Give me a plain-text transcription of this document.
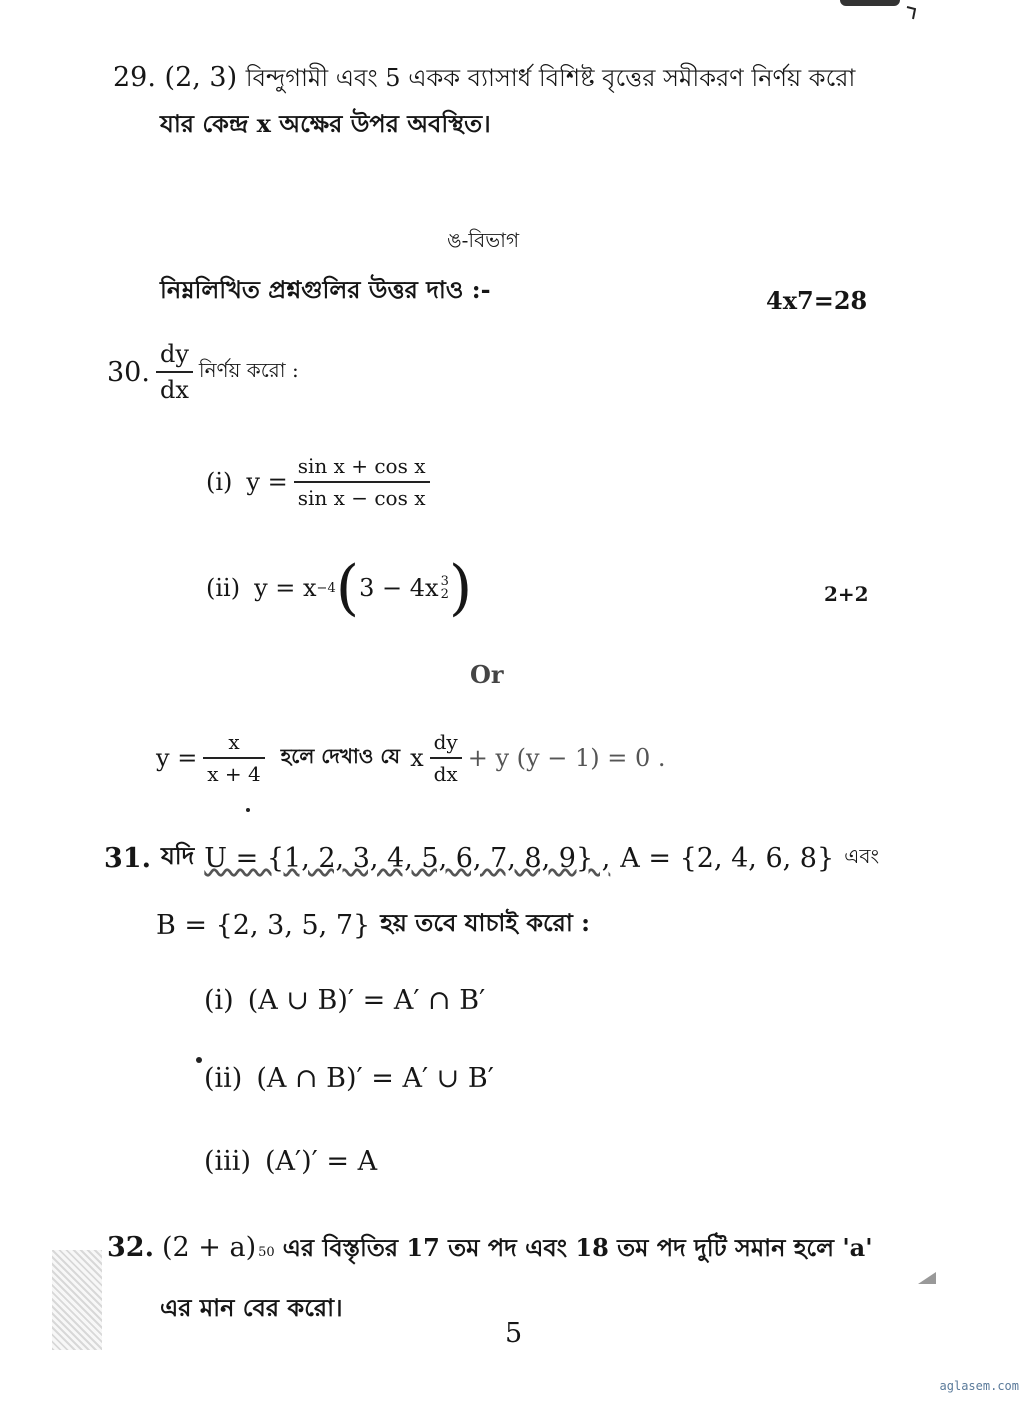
29. (2, 3) বিন্দুগামী এবং 5 একক ব্যাসার্ধ বিশিষ্ট বৃত্তের সমীকরণ নির্ণয় করো
যার কেন্দ্র x অক্ষের উপর অবস্থিত।
ঙ-বিভাগ
নিম্নলিখিত প্রশ্নগুলির উত্তর দাও :-	4x7=28
30. $\frac{dy}{dx}$ নির্ণয় করো :
(i) $y = \frac{\text{sin x + cos x}}{\text{sin x − cos x}}$
(ii) y = x −4 ( 3 − 4x 3
2 )	2+2
Or
$y = \frac{x}{x + 4}$ হলে দেখাও যে x $\frac{dy}{dx} + y$ (y − 1) = 0 .
31. যদি U = {1, 2, 3, 4, 5, 6, 7, 8, 9} , A = {2, 4, 6, 8} এবং
B = {2, 3, 5, 7} হয় তবে যাচাই করো :
(i) (A ∪ B)′ = A′ ∩ B′
(ii) (A ∩ B)′ = A′ ∪ B′
(iii) (A′)′ = A
32. (2 + a) 50 এর বিস্তৃতির 17 তম পদ এবং 18 তম পদ দুটি সমান হলে 'a'
এর মান বের করো।
5
aglasem.com
